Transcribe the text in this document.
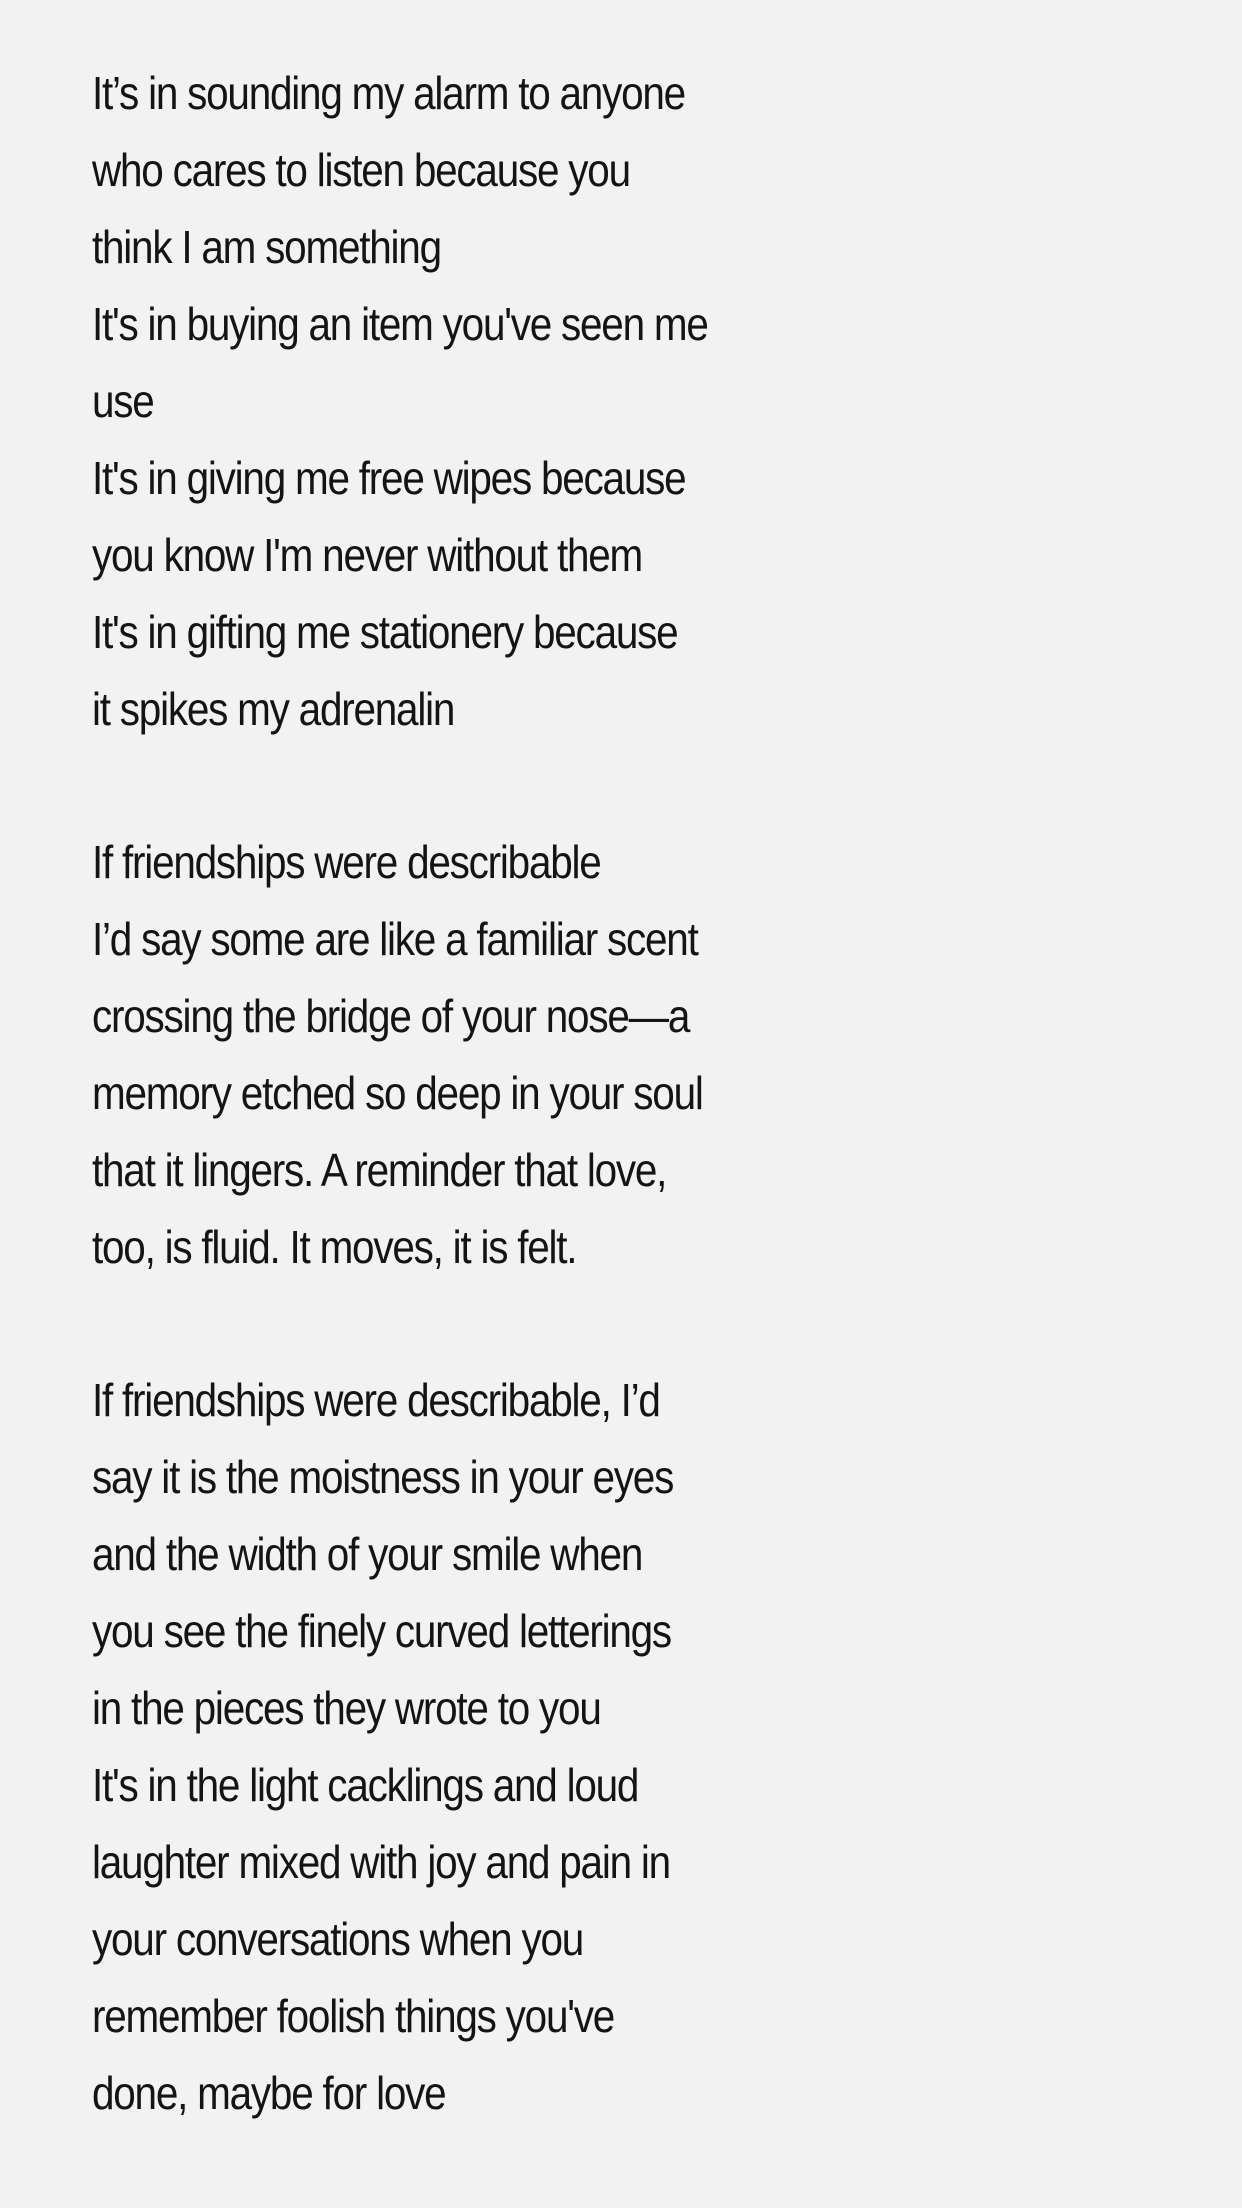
It’s in sounding my alarm to anyone
who cares to listen because you
think I am something
It's in buying an item you've seen me
use
It's in giving me free wipes because
you know I'm never without them
It's in gifting me stationery because
it spikes my adrenalin
If friendships were describable
I’d say some are like a familiar scent
crossing the bridge of your nose—a
memory etched so deep in your soul
that it lingers. A reminder that love,
too, is fluid. It moves, it is felt.
If friendships were describable, I’d
say it is the moistness in your eyes
and the width of your smile when
you see the finely curved letterings
in the pieces they wrote to you
It's in the light cacklings and loud
laughter mixed with joy and pain in
your conversations when you
remember foolish things you've
done, maybe for love
